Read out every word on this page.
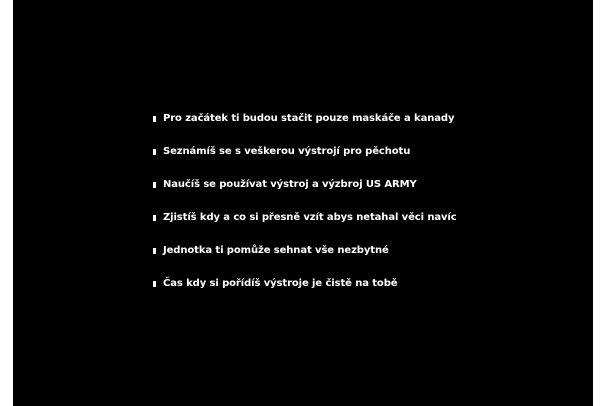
Pro začátek ti budou stačit pouze maskáče a kanady
Seznámíš se s veškerou výstrojí pro pěchotu
Naučíš se používat výstroj a výzbroj US ARMY
Zjistíš kdy a co si přesně vzít abys netahal věci navíc
Jednotka ti pomůže sehnat vše nezbytné
Čas kdy si pořídíš výstroje je čistě na tobě
